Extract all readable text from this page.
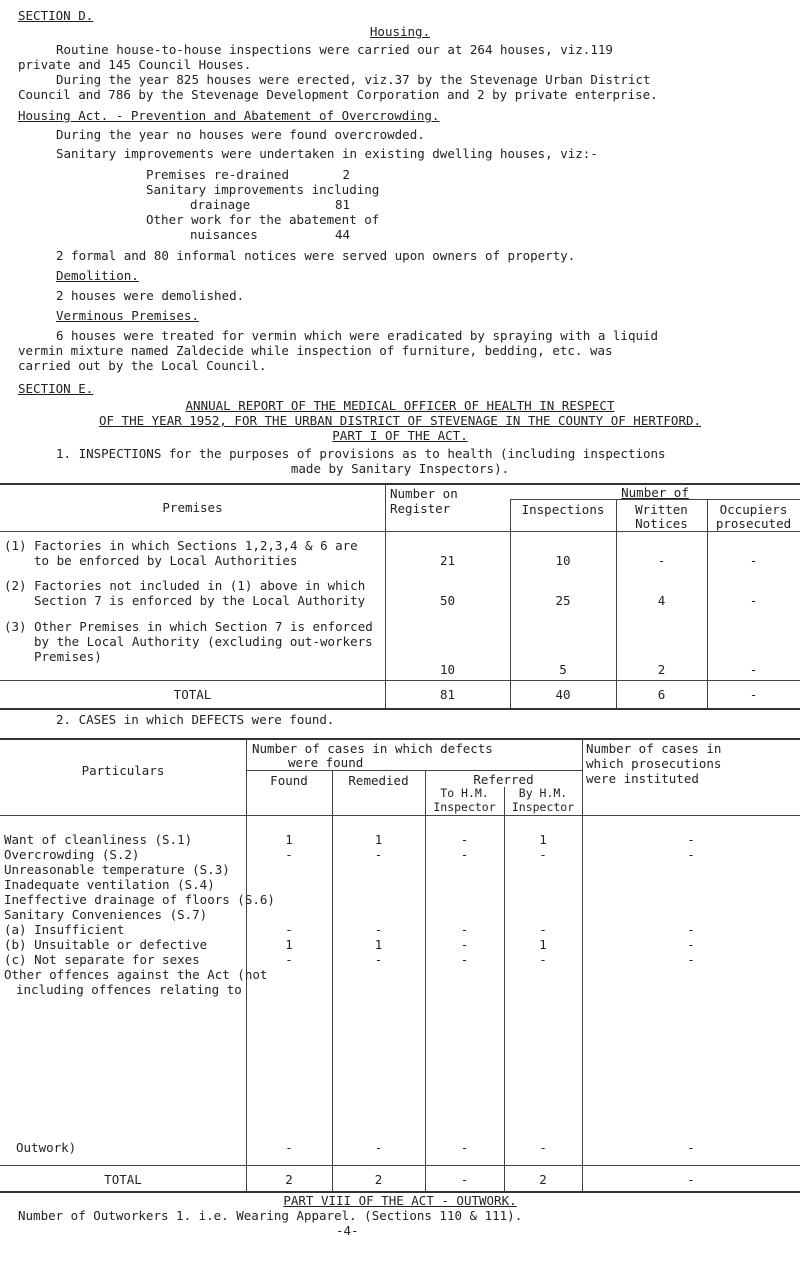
SECTION D.
Housing.
Routine house-to-house inspections were carried our at 264 houses, viz.119
private and 145 Council Houses.
During the year 825 houses were erected, viz.37 by the Stevenage Urban District
Council and 786 by the Stevenage Development Corporation and 2 by private enterprise.
Housing Act. - Prevention and Abatement of Overcrowding.
During the year no houses were found overcrowded.
Sanitary improvements were undertaken in existing dwelling houses, viz:-
Premises re-drained	2
Sanitary improvements including
drainage	81
Other work for the abatement of
nuisances	44
2 formal and 80 informal notices were served upon owners of property.
Demolition.
2 houses were demolished.
Verminous Premises.
6 houses were treated for vermin which were eradicated by spraying with a liquid
vermin mixture named Zaldecide while inspection of furniture, bedding, etc. was
carried out by the Local Council.
SECTION E.
ANNUAL REPORT OF THE MEDICAL OFFICER OF HEALTH IN RESPECT
OF THE YEAR 1952, FOR THE URBAN DISTRICT OF STEVENAGE IN THE COUNTY OF HERTFORD.
PART I OF THE ACT.
1. INSPECTIONS for the purposes of provisions as to health (including inspections
made by Sanitary Inspectors).
Premises
Number on
Register
Number of
Inspections	Written
Notices
Occupiers
prosecuted
(1) Factories in which Sections 1,2,3,4 & 6 are
to be enforced by Local Authorities	21	10	-	-
(2) Factories not included in (1) above in which
Section 7 is enforced by the Local Authority	50	25	4	-
(3) Other Premises in which Section 7 is enforced
by the Local Authority (excluding out-workers
Premises)
10	5	2	-
TOTAL	81	40	6	-
2. CASES in which DEFECTS were found.
Particulars
Number of cases in which defects
were found
Found	Remedied	Referred
To H.M.
Inspector
By H.M.
Inspector
Number of cases in
which prosecutions
were instituted
Want of cleanliness (S.1)	1	1	-	1	-
Overcrowding (S.2)	-	-	-	-	-
Unreasonable temperature (S.3)
Inadequate ventilation (S.4)
Ineffective drainage of floors (S.6)
Sanitary Conveniences (S.7)
(a) Insufficient	-	-	-	-	-
(b) Unsuitable or defective	1	1	-	1	-
(c) Not separate for sexes	-	-	-	-	-
Other offences against the Act (not
including offences relating to
Outwork)	-	-	-	-	-
TOTAL	2	2	-	2	-
PART VIII OF THE ACT - OUTWORK.
Number of Outworkers 1. i.e. Wearing Apparel. (Sections 110 & 111).
-4-
